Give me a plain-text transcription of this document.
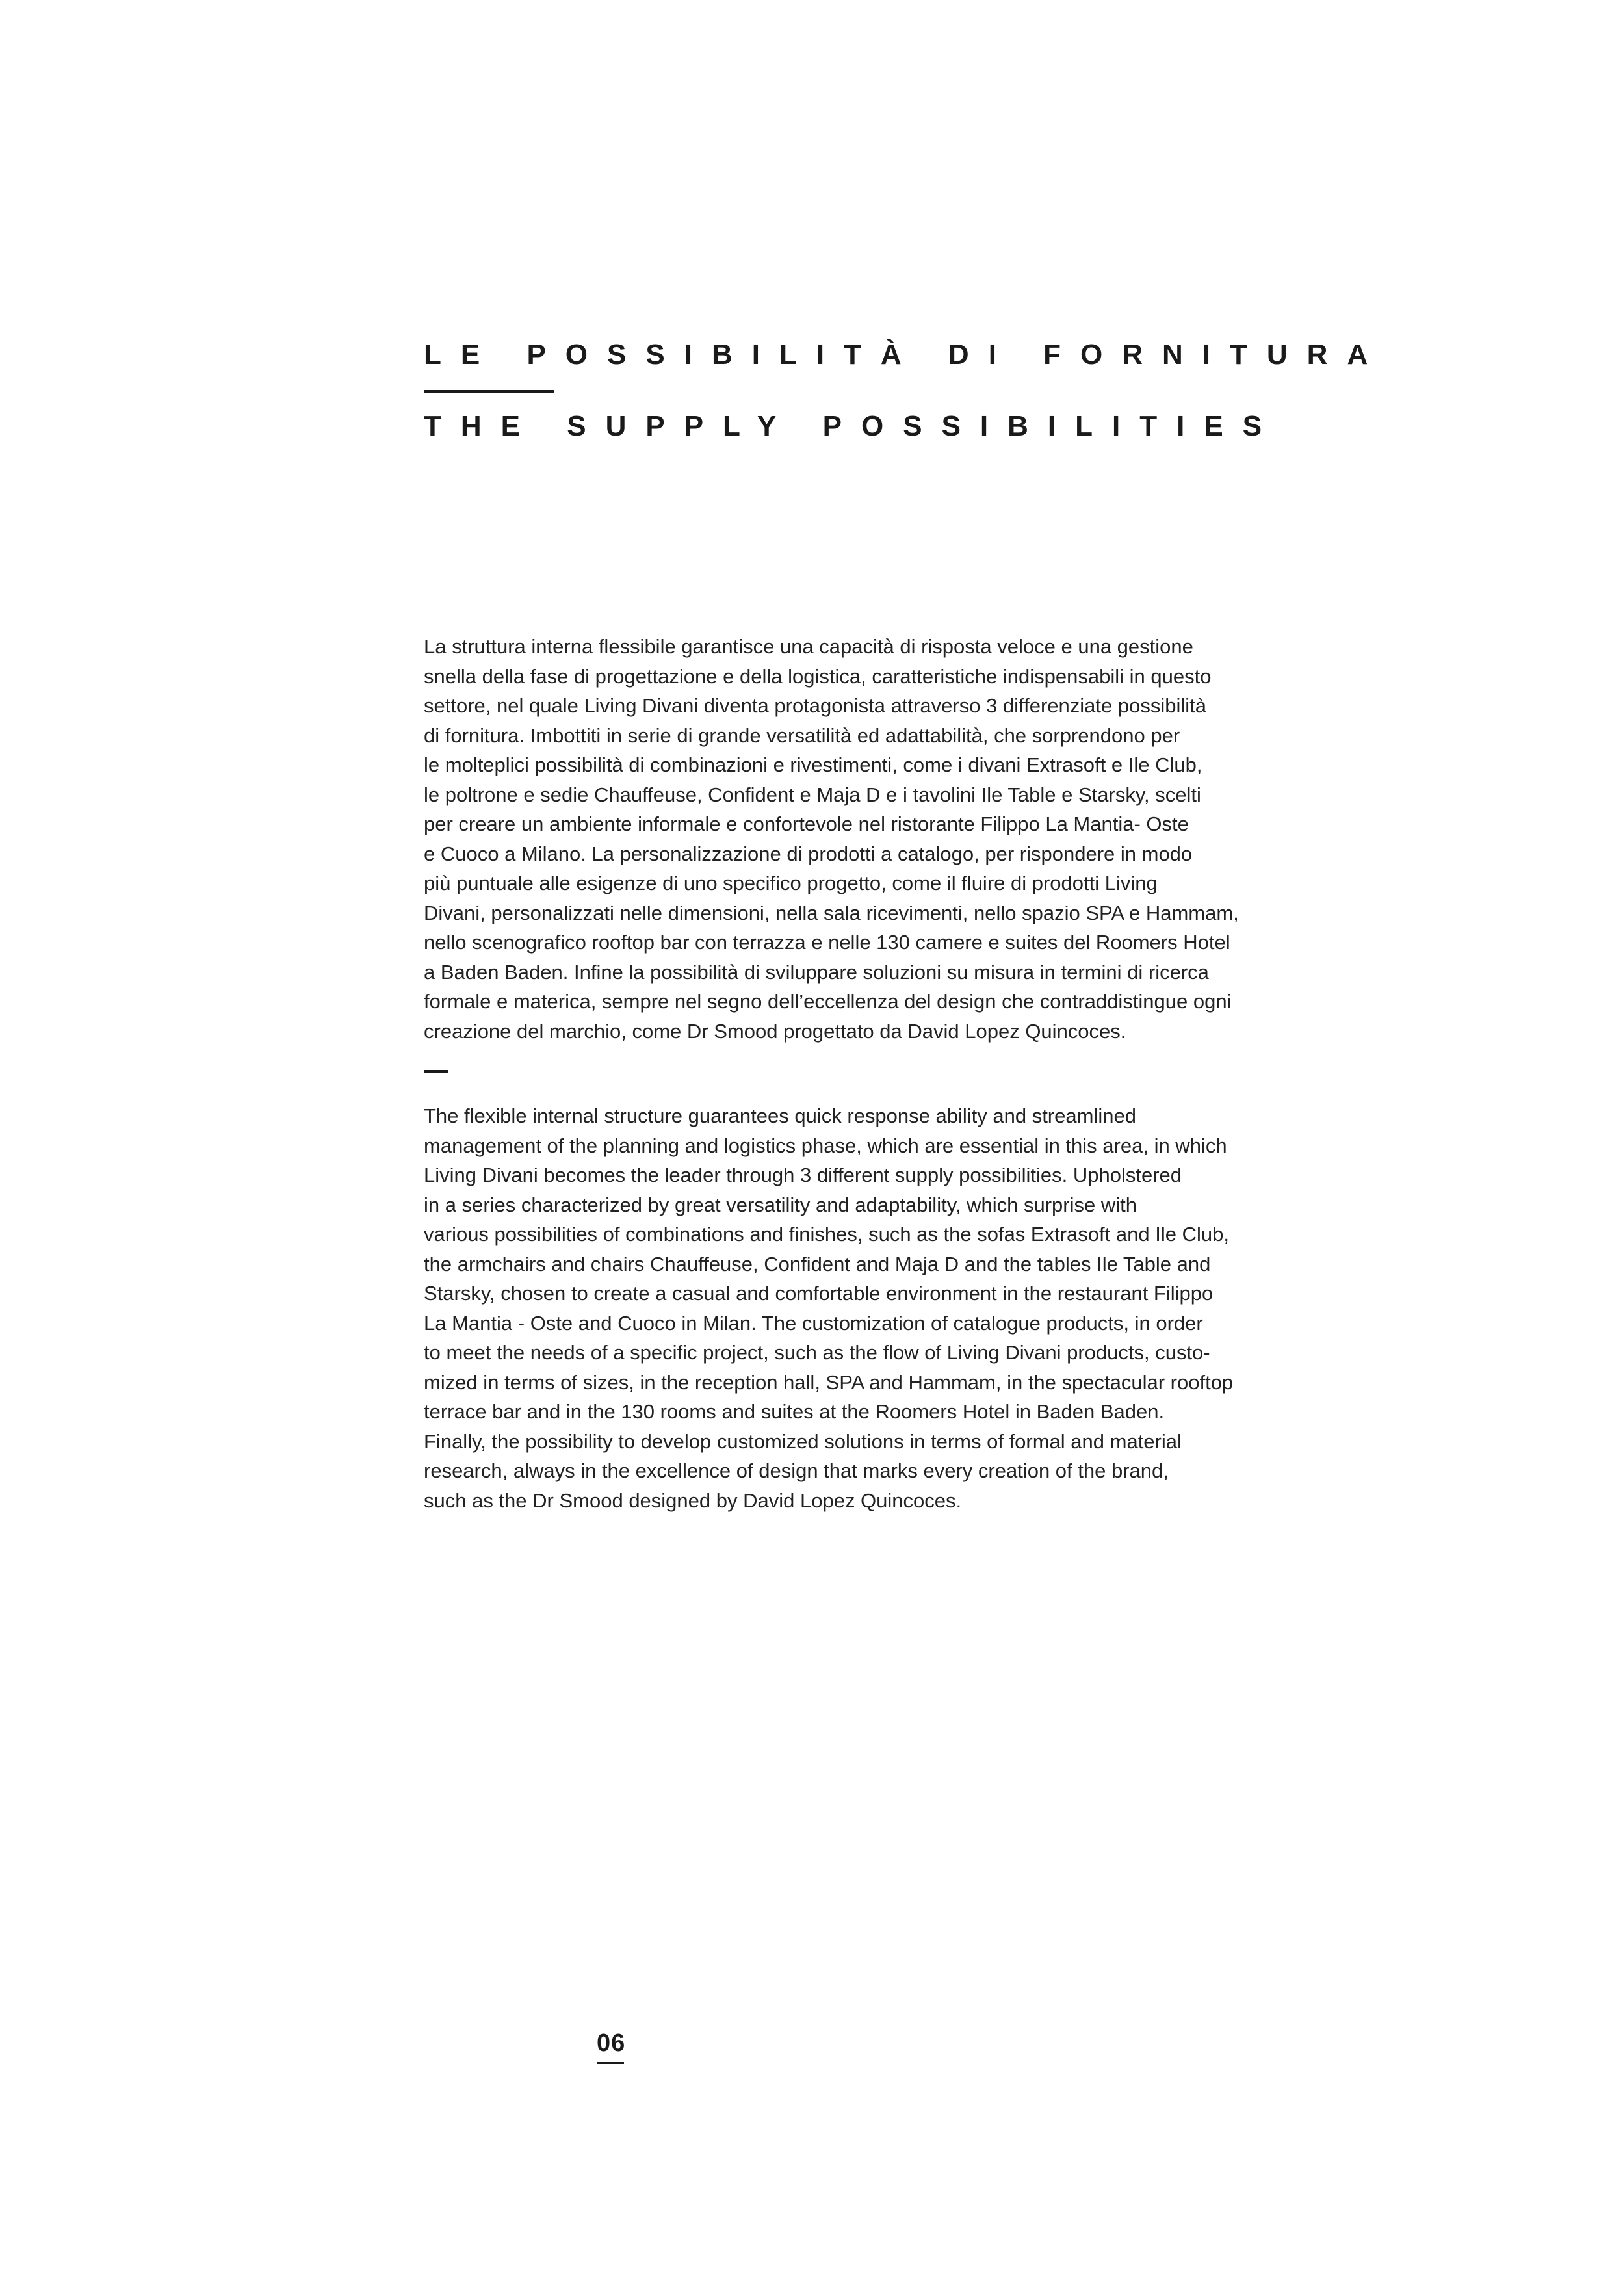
LE POSSIBILITÀ DI FORNITURA
THE SUPPLY POSSIBILITIES

La struttura interna flessibile garantisce una capacità di risposta veloce e una gestione
snella della fase di progettazione e della logistica, caratteristiche indispensabili in questo
settore, nel quale Living Divani diventa protagonista attraverso 3 differenziate possibilità
di fornitura. Imbottiti in serie di grande versatilità ed adattabilità, che sorprendono per
le molteplici possibilità di combinazioni e rivestimenti, come i divani Extrasoft e Ile Club,
le poltrone e sedie Chauffeuse, Confident e Maja D e i tavolini Ile Table e Starsky, scelti
per creare un ambiente informale e confortevole nel ristorante Filippo La Mantia- Oste
e Cuoco a Milano. La personalizzazione di prodotti a catalogo, per rispondere in modo
più puntuale alle esigenze di uno specifico progetto, come il fluire di prodotti Living
Divani, personalizzati nelle dimensioni, nella sala ricevimenti, nello spazio SPA e Hammam,
nello scenografico rooftop bar con terrazza e nelle 130 camere e suites del Roomers Hotel
a Baden Baden. Infine la possibilità di sviluppare soluzioni su misura in termini di ricerca
formale e materica, sempre nel segno dell’eccellenza del design che contraddistingue ogni
creazione del marchio, come Dr Smood progettato da David Lopez Quincoces.

The flexible internal structure guarantees quick response ability and streamlined
management of the planning and logistics phase, which are essential in this area, in which
Living Divani becomes the leader through 3 different supply possibilities. Upholstered
in a series characterized by great versatility and adaptability, which surprise with
various possibilities of combinations and finishes, such as the sofas Extrasoft and Ile Club,
the armchairs and chairs Chauffeuse, Confident and Maja D and the tables Ile Table and
Starsky, chosen to create a casual and comfortable environment in the restaurant Filippo
La Mantia - Oste and Cuoco in Milan. The customization of catalogue products, in order
to meet the needs of a specific project, such as the flow of Living Divani products, custo-
mized in terms of sizes, in the reception hall, SPA and Hammam, in the spectacular rooftop
terrace bar and in the 130 rooms and suites at the Roomers Hotel in Baden Baden.
Finally, the possibility to develop customized solutions in terms of formal and material
research, always in the excellence of design that marks every creation of the brand,
such as the Dr Smood designed by David Lopez Quincoces.

06
